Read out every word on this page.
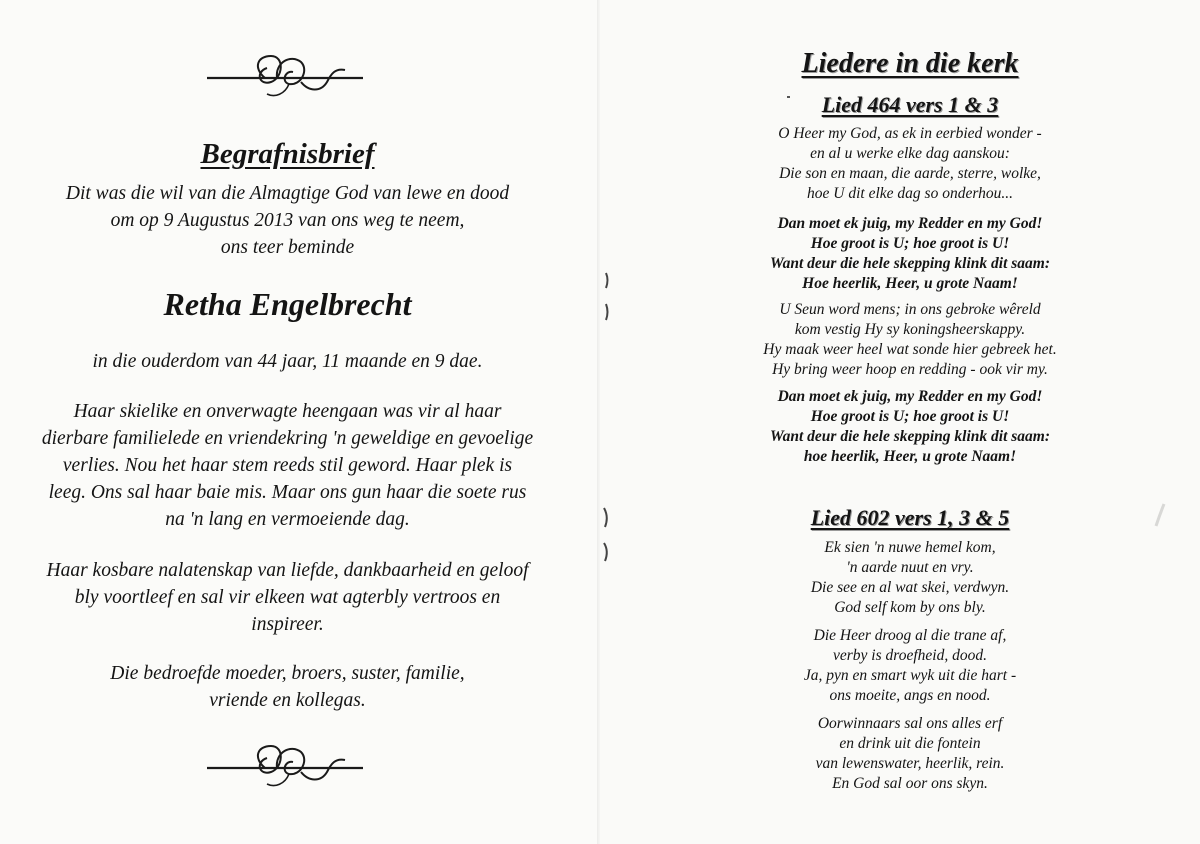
Begrafnisbrief
Dit was die wil van die Almagtige God van lewe en dood
om op 9 Augustus 2013 van ons weg te neem,
ons teer beminde
Retha Engelbrecht
in die ouderdom van 44 jaar, 11 maande en 9 dae.
Haar skielike en onverwagte heengaan was vir al haar
dierbare familielede en vriendekring 'n geweldige en gevoelige
verlies. Nou het haar stem reeds stil geword. Haar plek is
leeg. Ons sal haar baie mis. Maar ons gun haar die soete rus
na 'n lang en vermoeiende dag.
Haar kosbare nalatenskap van liefde, dankbaarheid en geloof
bly voortleef en sal vir elkeen wat agterbly vertroos en
inspireer.
Die bedroefde moeder, broers, suster, familie,
vriende en kollegas.
Liedere in die kerk
Lied 464 vers 1 & 3
O Heer my God, as ek in eerbied wonder -
en al u werke elke dag aanskou:
Die son en maan, die aarde, sterre, wolke,
hoe U dit elke dag so onderhou...
Dan moet ek juig, my Redder en my God!
Hoe groot is U; hoe groot is U!
Want deur die hele skepping klink dit saam:
Hoe heerlik, Heer, u grote Naam!
U Seun word mens; in ons gebroke wêreld
kom vestig Hy sy koningsheerskappy.
Hy maak weer heel wat sonde hier gebreek het.
Hy bring weer hoop en redding - ook vir my.
Dan moet ek juig, my Redder en my God!
Hoe groot is U; hoe groot is U!
Want deur die hele skepping klink dit saam:
hoe heerlik, Heer, u grote Naam!
Lied 602 vers 1, 3 & 5
Ek sien 'n nuwe hemel kom,
'n aarde nuut en vry.
Die see en al wat skei, verdwyn.
God self kom by ons bly.
Die Heer droog al die trane af,
verby is droefheid, dood.
Ja, pyn en smart wyk uit die hart -
ons moeite, angs en nood.
Oorwinnaars sal ons alles erf
en drink uit die fontein
van lewenswater, heerlik, rein.
En God sal oor ons skyn.
